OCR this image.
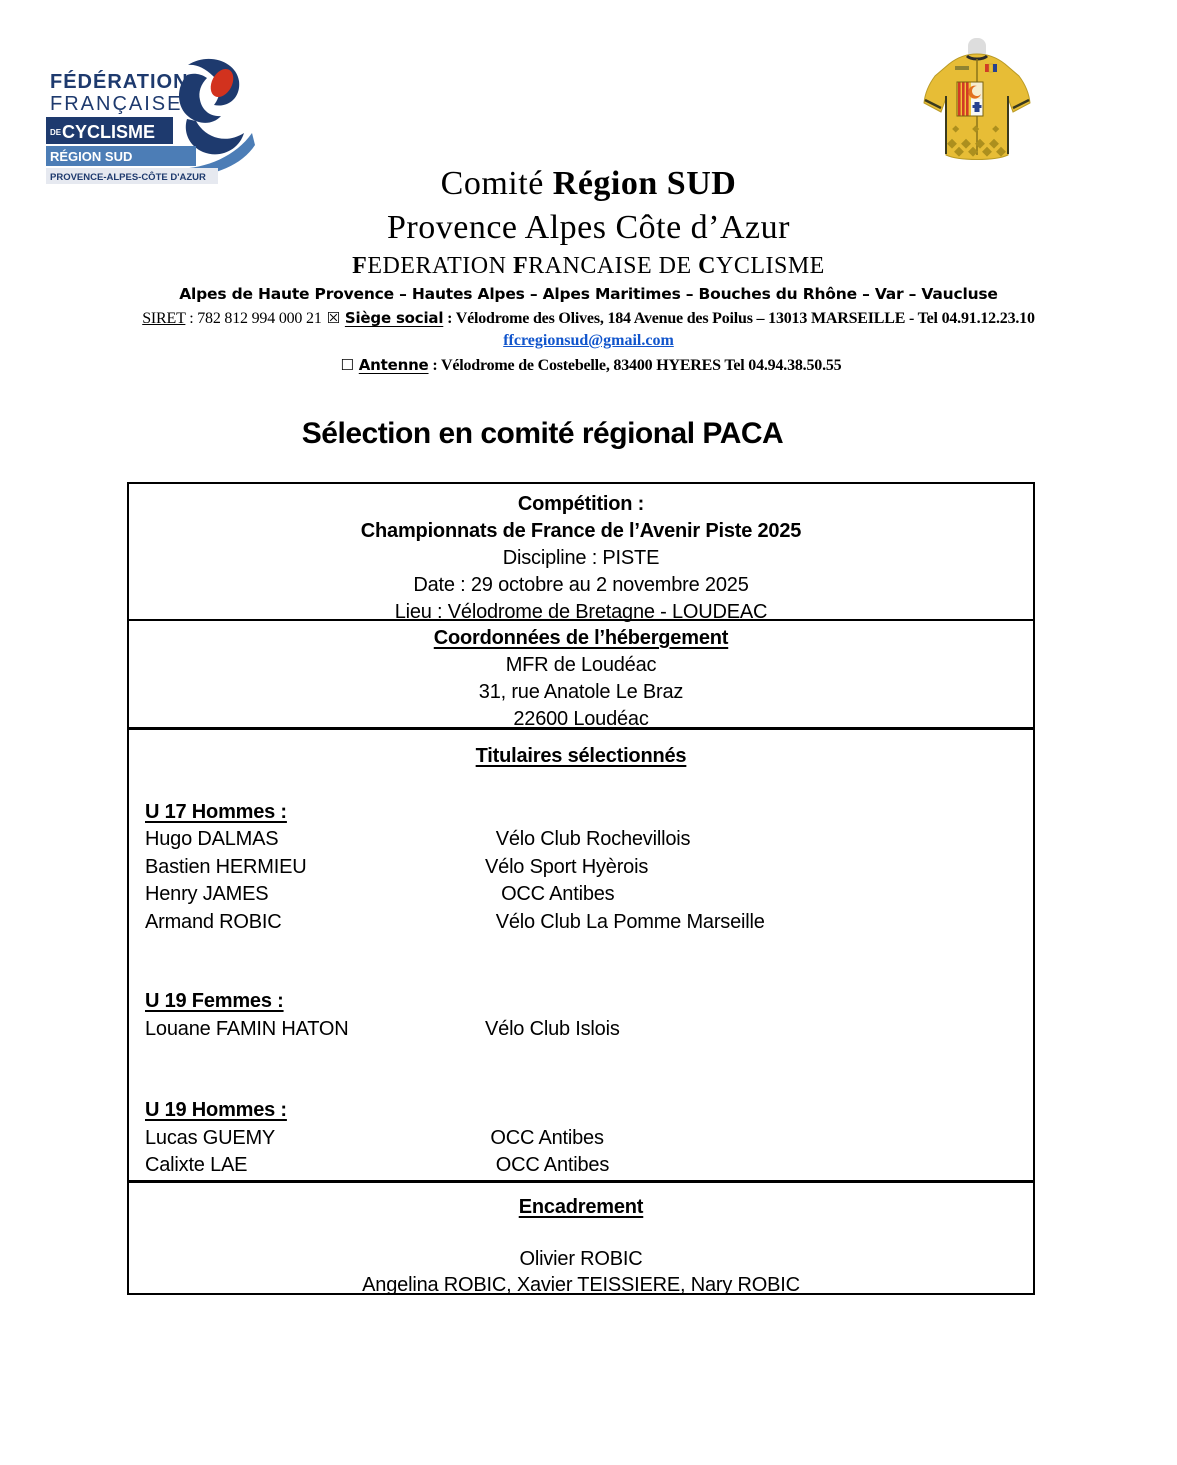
FÉDÉRATION
FRANÇAISE
DE CYCLISME
RÉGION SUD
PROVENCE-ALPES-CÔTE D'AZUR	Comité Région SUD
Provence Alpes Côte d’Azur
FEDERATION FRANCAISE DE CYCLISME
Alpes de Haute Provence – Hautes Alpes – Alpes Maritimes – Bouches du Rhône – Var – Vaucluse
SIRET : 782 812 994 000 21 ☒ Siège social : Vélodrome des Olives, 184 Avenue des Poilus – 13013 MARSEILLE - Tel 04.91.12.23.10
ffcregionsud@gmail.com
☐ Antenne : Vélodrome de Costebelle, 83400 HYERES Tel 04.94.38.50.55
Sélection en comité régional PACA
Compétition :
Championnats de France de l’Avenir Piste 2025
Discipline : PISTE
Date : 29 octobre au 2 novembre 2025
Lieu : Vélodrome de Bretagne - LOUDEAC
Coordonnées de l’hébergement
MFR de Loudéac
31, rue Anatole Le Braz
22600 Loudéac
Titulaires sélectionnés
U 17 Hommes :
Hugo DALMAS	Vélo Club Rochevillois
Bastien HERMIEU	Vélo Sport Hyèrois
Henry JAMES	OCC Antibes
Armand ROBIC	Vélo Club La Pomme Marseille
U 19 Femmes :
Louane FAMIN HATON	Vélo Club Islois
U 19 Hommes :
Lucas GUEMY	OCC Antibes
Calixte LAE	OCC Antibes
Encadrement
Olivier ROBIC
Angelina ROBIC, Xavier TEISSIERE, Nary ROBIC
